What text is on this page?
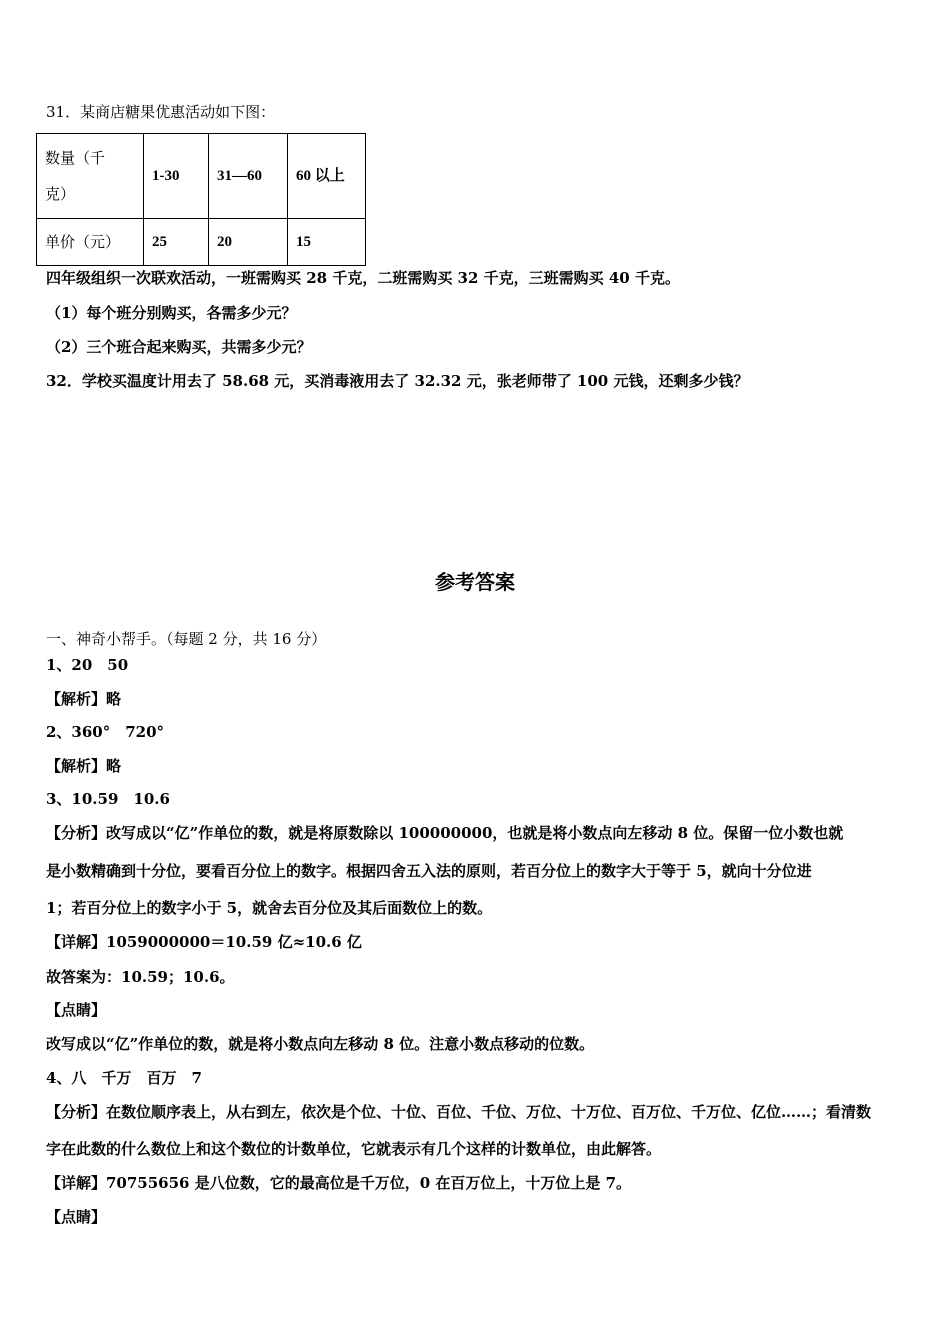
31．某商店糖果优惠活动如下图：
数量（千
克）	1-30	31—60	60 以上
单价（元）	25	20	15
四年级组织一次联欢活动，一班需购买 28 千克，二班需购买 32 千克，三班需购买 40 千克。
（1）每个班分别购买，各需多少元？
（2）三个班合起来购买，共需多少元？
32．学校买温度计用去了 58.68 元，买消毒液用去了 32.32 元，张老师带了 100 元钱，还剩多少钱？
参考答案
一、神奇小帮手。（每题 2 分，共 16 分）
1、20　50
【解析】略
2、360°　720°
【解析】略
3、10.59　10.6
【分析】改写成以“亿”作单位的数，就是将原数除以 100000000，也就是将小数点向左移动 8 位。保留一位小数也就
是小数精确到十分位，要看百分位上的数字。根据四舍五入法的原则，若百分位上的数字大于等于 5，就向十分位进
1；若百分位上的数字小于 5，就舍去百分位及其后面数位上的数。
【详解】1059000000＝10.59 亿≈10.6 亿
故答案为：10.59；10.6。
【点睛】
改写成以“亿”作单位的数，就是将小数点向左移动 8 位。注意小数点移动的位数。
4、八　千万　百万　7
【分析】在数位顺序表上，从右到左，依次是个位、十位、百位、千位、万位、十万位、百万位、千万位、亿位……；看清数
字在此数的什么数位上和这个数位的计数单位，它就表示有几个这样的计数单位，由此解答。
【详解】70755656 是八位数，它的最高位是千万位，0 在百万位上，十万位上是 7。
【点睛】
